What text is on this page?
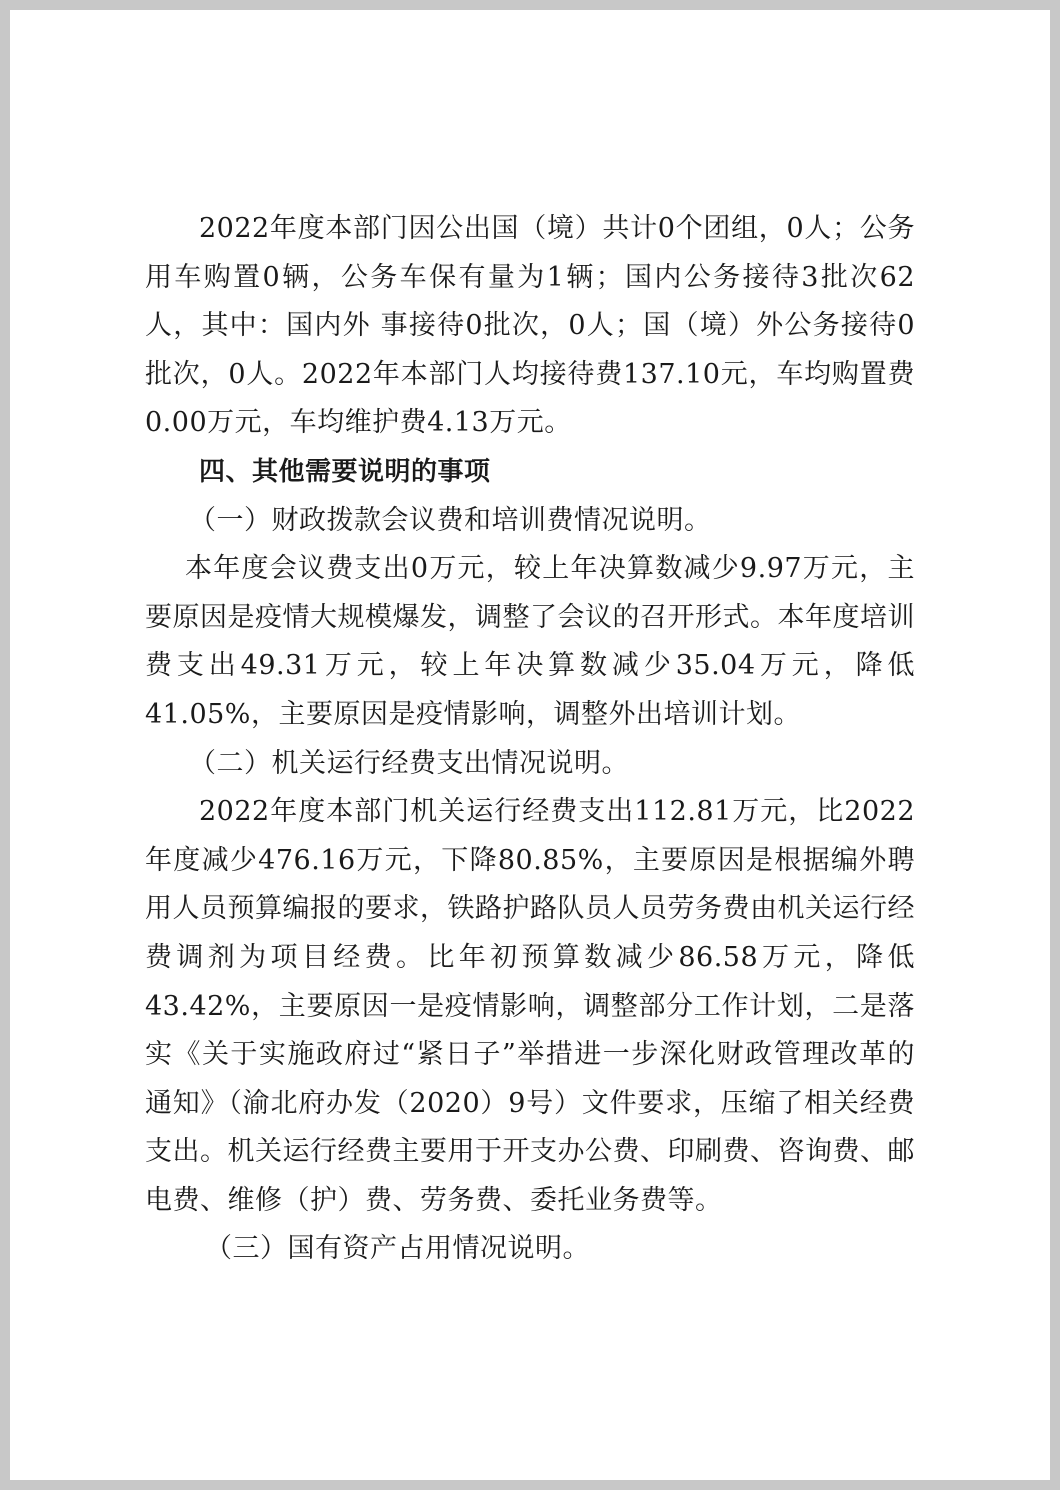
2022年度本部门因公出国（境）共计0个团组，0人；公务用车购置0辆，公务车保有量为1辆；国内公务接待3批次62人，其中：国内外 事接待0批次，0人；国（境）外公务接待0批次，0人。2022年本部门人均接待费137.10元，车均购置费0.00万元，车均维护费4.13万元。

四、其他需要说明的事项

（一）财政拨款会议费和培训费情况说明。

本年度会议费支出0万元，较上年决算数减少9.97万元，主要原因是疫情大规模爆发，调整了会议的召开形式。本年度培训费支出49.31万元，较上年决算数减少35.04万元，降低41.05%，主要原因是疫情影响，调整外出培训计划。

（二）机关运行经费支出情况说明。

2022年度本部门机关运行经费支出112.81万元，比2022年度减少476.16万元，下降80.85%，主要原因是根据编外聘用人员预算编报的要求，铁路护路队员人员劳务费由机关运行经费调剂为项目经费。比年初预算数减少86.58万元，降低43.42%，主要原因一是疫情影响，调整部分工作计划，二是落实《关于实施政府过“紧日子”举措进一步深化财政管理改革的通知》（渝北府办发（2020）9号）文件要求，压缩了相关经费支出。机关运行经费主要用于开支办公费、印刷费、咨询费、邮电费、维修（护）费、劳务费、委托业务费等。

（三）国有资产占用情况说明。
